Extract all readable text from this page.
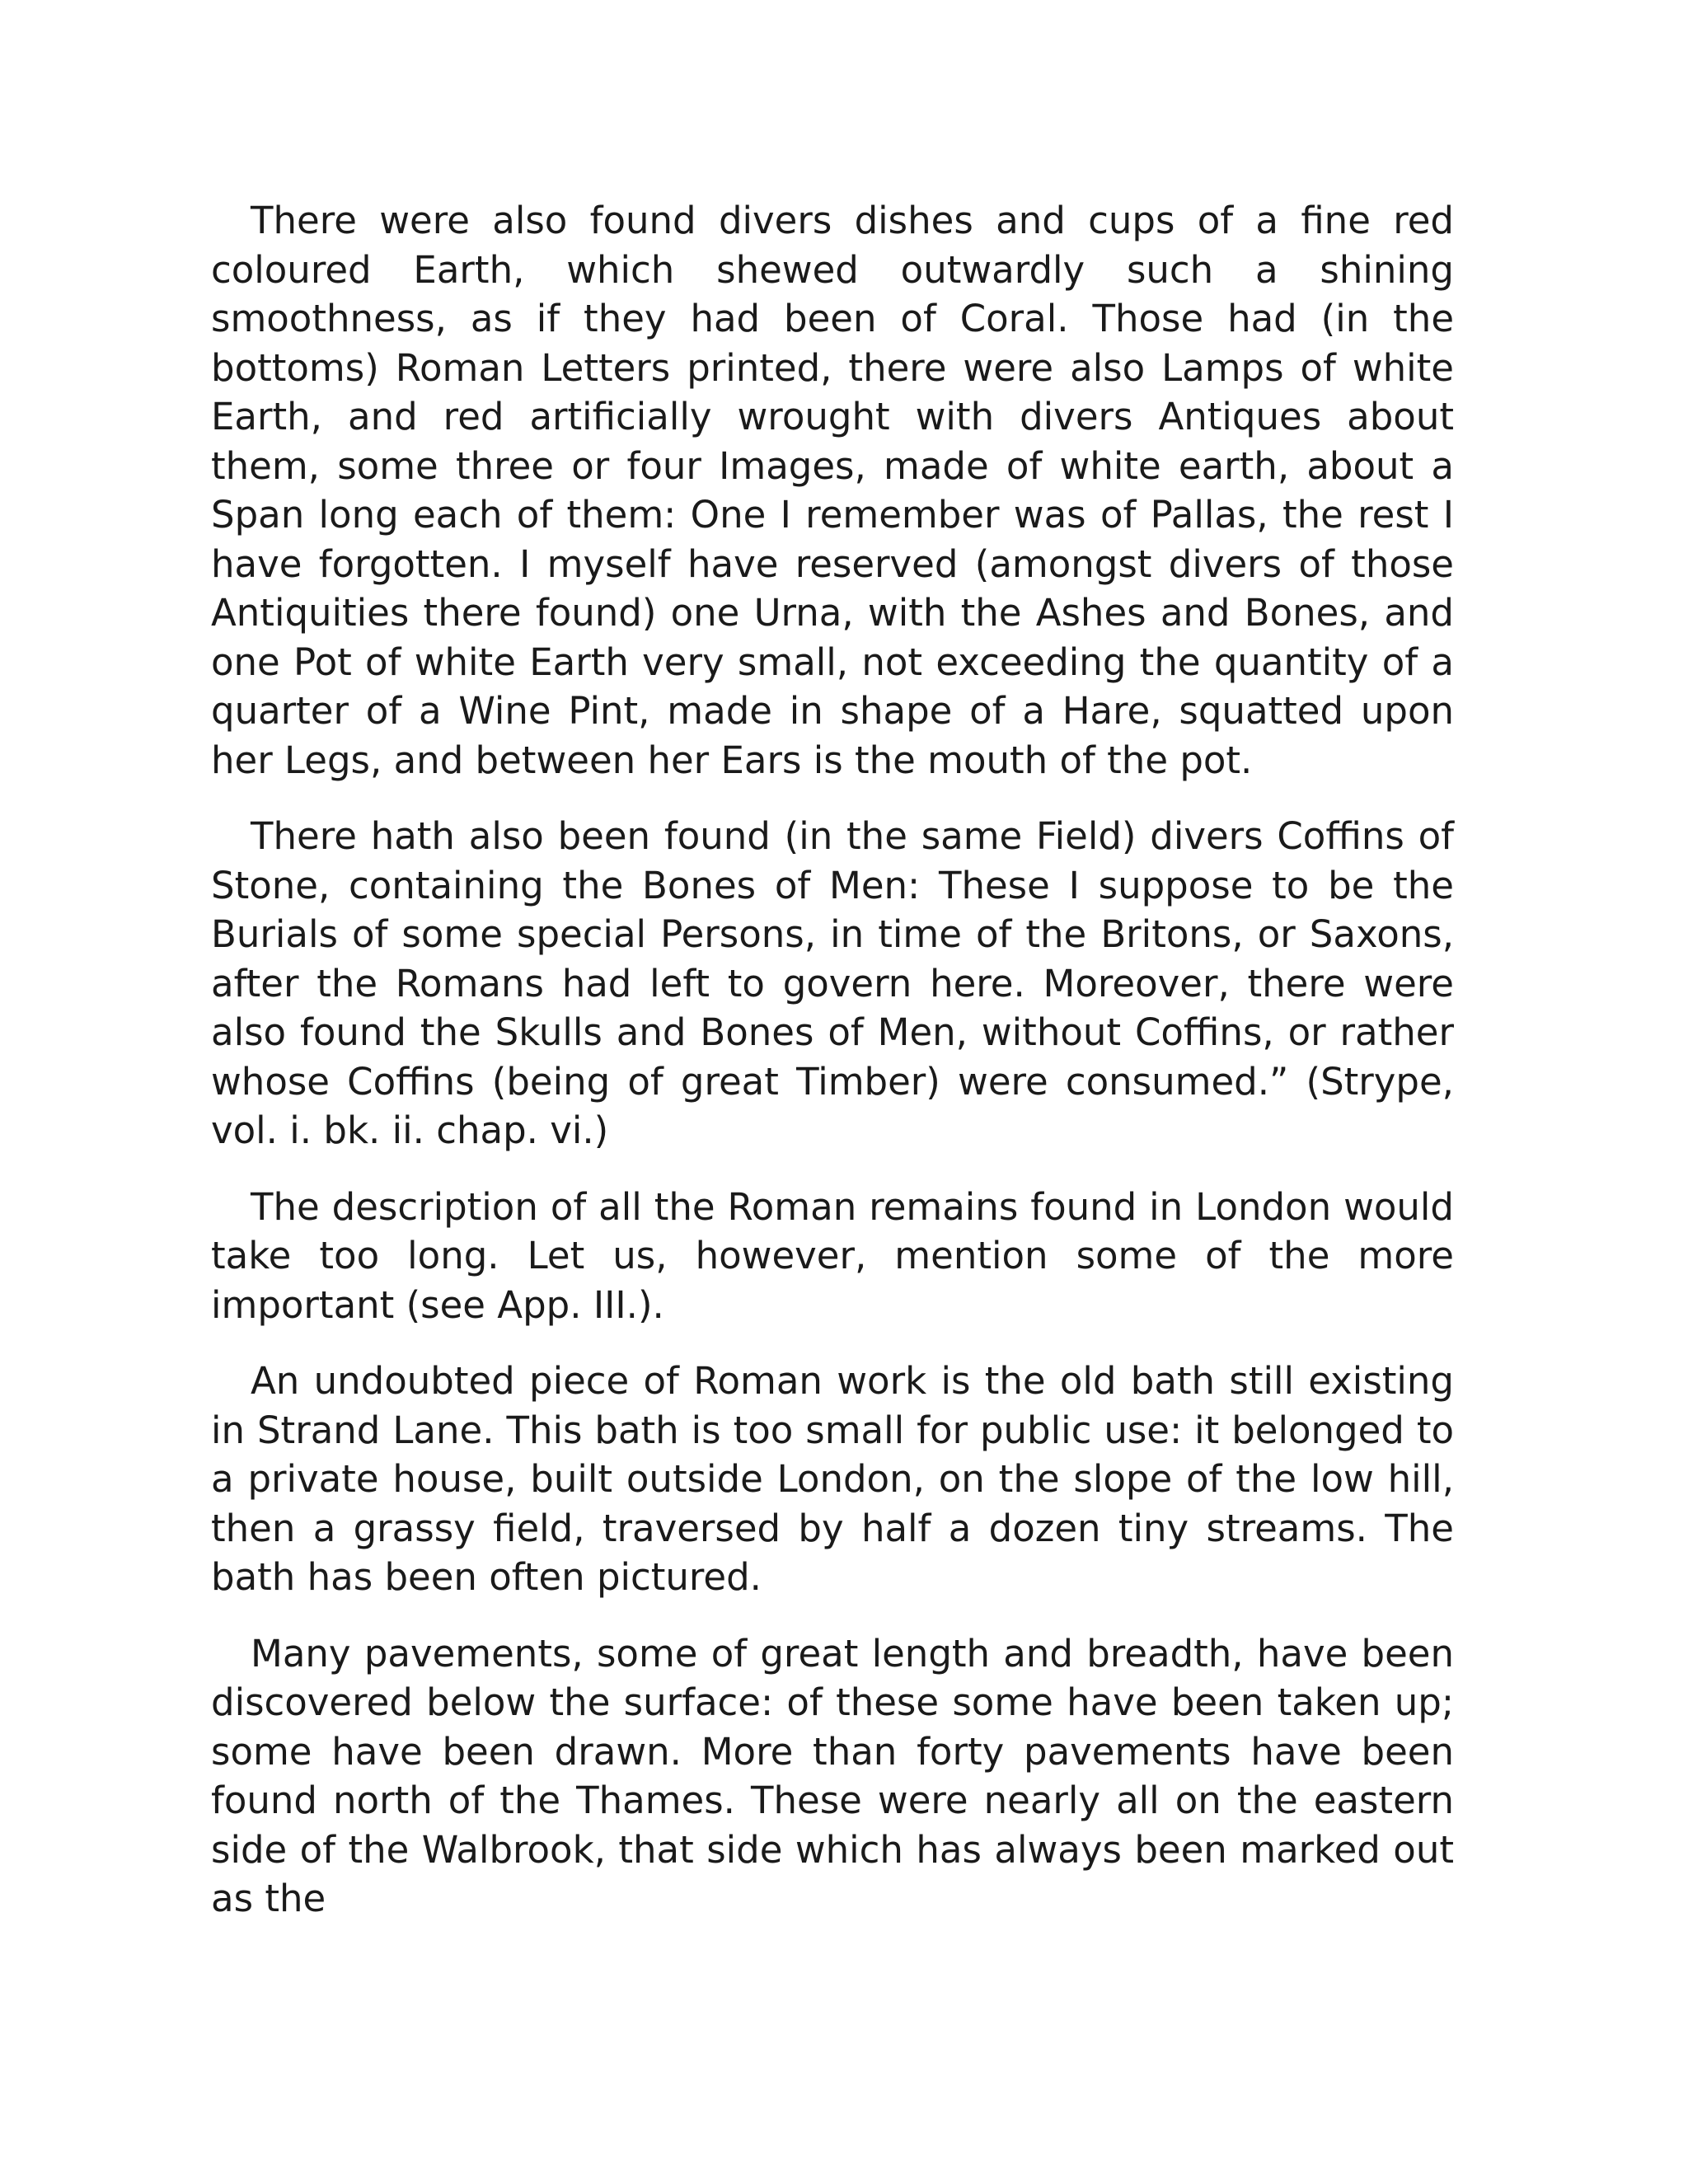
There were also found divers dishes and cups of a fine red coloured Earth, which shewed outwardly such a shining smoothness, as if they had been of Coral. Those had (in the bottoms) Roman Letters printed, there were also Lamps of white Earth, and red artificially wrought with divers Antiques about them, some three or four Images, made of white earth, about a Span long each of them: One I remember was of Pallas, the rest I have forgotten. I myself have reserved (amongst divers of those Antiquities there found) one Urna, with the Ashes and Bones, and one Pot of white Earth very small, not exceeding the quantity of a quarter of a Wine Pint, made in shape of a Hare, squatted upon her Legs, and between her Ears is the mouth of the pot.

There hath also been found (in the same Field) divers Coffins of Stone, containing the Bones of Men: These I suppose to be the Burials of some special Persons, in time of the Britons, or Saxons, after the Romans had left to govern here. Moreover, there were also found the Skulls and Bones of Men, without Coffins, or rather whose Coffins (being of great Timber) were consumed.” (Strype, vol. i. bk. ii. chap. vi.)

The description of all the Roman remains found in London would take too long. Let us, however, mention some of the more important (see App. III.).

An undoubted piece of Roman work is the old bath still existing in Strand Lane. This bath is too small for public use: it belonged to a private house, built outside London, on the slope of the low hill, then a grassy field, traversed by half a dozen tiny streams. The bath has been often pictured.

Many pavements, some of great length and breadth, have been discovered below the surface: of these some have been taken up; some have been drawn. More than forty pavements have been found north of the Thames. These were nearly all on the eastern side of the Walbrook, that side which has always been marked out as the
